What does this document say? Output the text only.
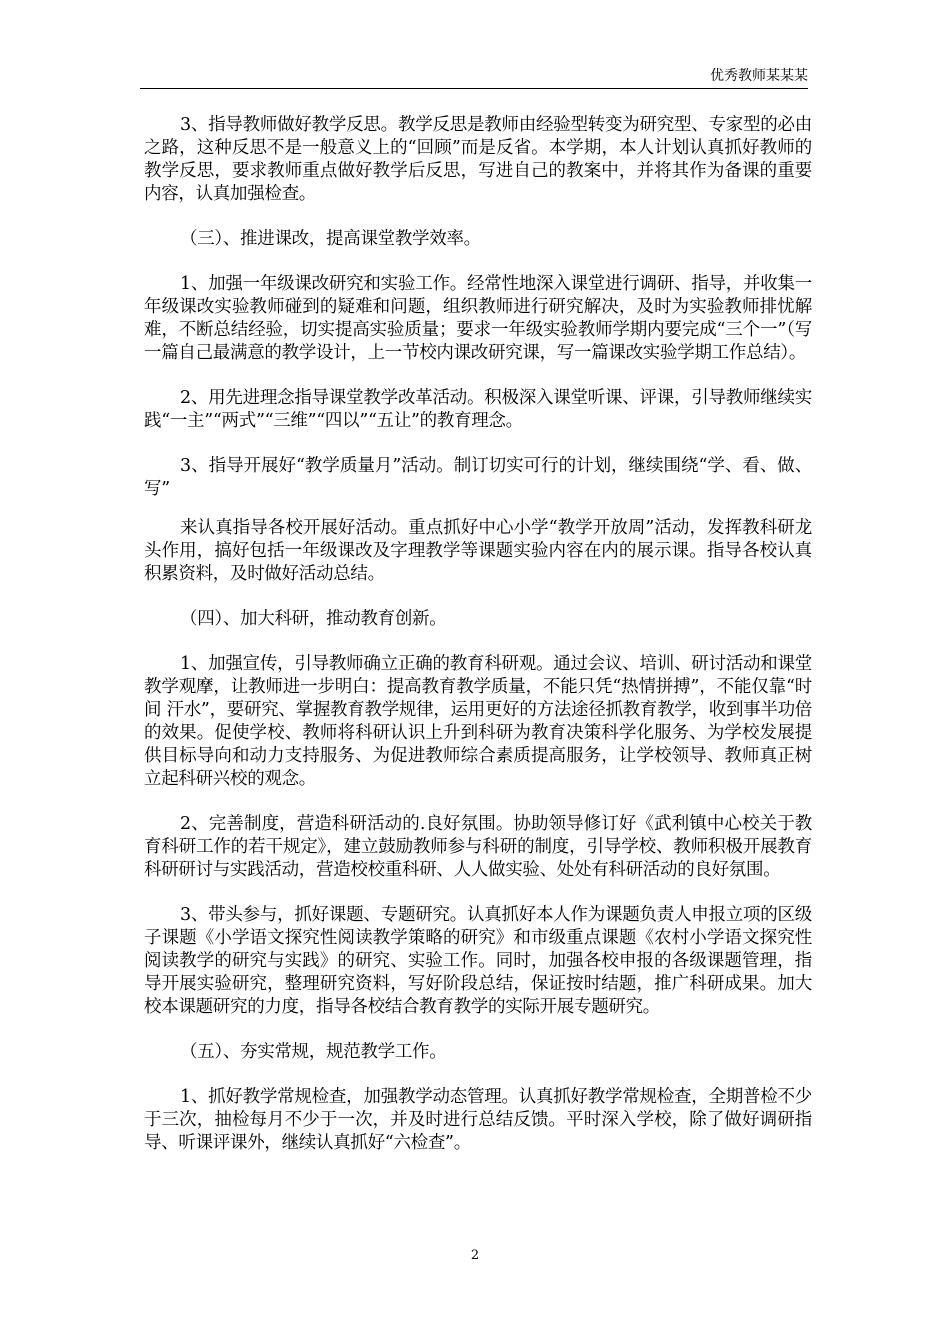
优秀教师某某某

3、指导教师做好教学反思。教学反思是教师由经验型转变为研究型、专家型的必由之路，这种反思不是一般意义上的“回顾”而是反省。本学期，本人计划认真抓好教师的教学反思，要求教师重点做好教学后反思，写进自己的教案中，并将其作为备课的重要内容，认真加强检查。

（三）、推进课改，提高课堂教学效率。

1、加强一年级课改研究和实验工作。经常性地深入课堂进行调研、指导，并收集一年级课改实验教师碰到的疑难和问题，组织教师进行研究解决，及时为实验教师排忧解难，不断总结经验，切实提高实验质量；要求一年级实验教师学期内要完成“三个一”（写一篇自己最满意的教学设计，上一节校内课改研究课，写一篇课改实验学期工作总结）。

2、用先进理念指导课堂教学改革活动。积极深入课堂听课、评课，引导教师继续实践“一主”“两式”“三维”“四以”“五让”的教育理念。

3、指导开展好“教学质量月”活动。制订切实可行的计划，继续围绕“学、看、做、写”

来认真指导各校开展好活动。重点抓好中心小学“教学开放周”活动，发挥教科研龙头作用，搞好包括一年级课改及字理教学等课题实验内容在内的展示课。指导各校认真积累资料，及时做好活动总结。

（四）、加大科研，推动教育创新。

1、加强宣传，引导教师确立正确的教育科研观。通过会议、培训、研讨活动和课堂教学观摩，让教师进一步明白：提高教育教学质量，不能只凭“热情拼搏”，不能仅靠“时间 汗水”，要研究、掌握教育教学规律，运用更好的方法途径抓教育教学，收到事半功倍的效果。促使学校、教师将科研认识上升到科研为教育决策科学化服务、为学校发展提供目标导向和动力支持服务、为促进教师综合素质提高服务，让学校领导、教师真正树立起科研兴校的观念。

2、完善制度，营造科研活动的.良好氛围。协助领导修订好《武利镇中心校关于教育科研工作的若干规定》，建立鼓励教师参与科研的制度，引导学校、教师积极开展教育科研研讨与实践活动，营造校校重科研、人人做实验、处处有科研活动的良好氛围。

3、带头参与，抓好课题、专题研究。认真抓好本人作为课题负责人申报立项的区级子课题《小学语文探究性阅读教学策略的研究》和市级重点课题《农村小学语文探究性阅读教学的研究与实践》的研究、实验工作。同时，加强各校申报的各级课题管理，指导开展实验研究，整理研究资料，写好阶段总结，保证按时结题，推广科研成果。加大校本课题研究的力度，指导各校结合教育教学的实际开展专题研究。

（五）、夯实常规，规范教学工作。

1、抓好教学常规检查，加强教学动态管理。认真抓好教学常规检查，全期普检不少于三次，抽检每月不少于一次，并及时进行总结反馈。平时深入学校，除了做好调研指导、听课评课外，继续认真抓好“六检查”。

2
